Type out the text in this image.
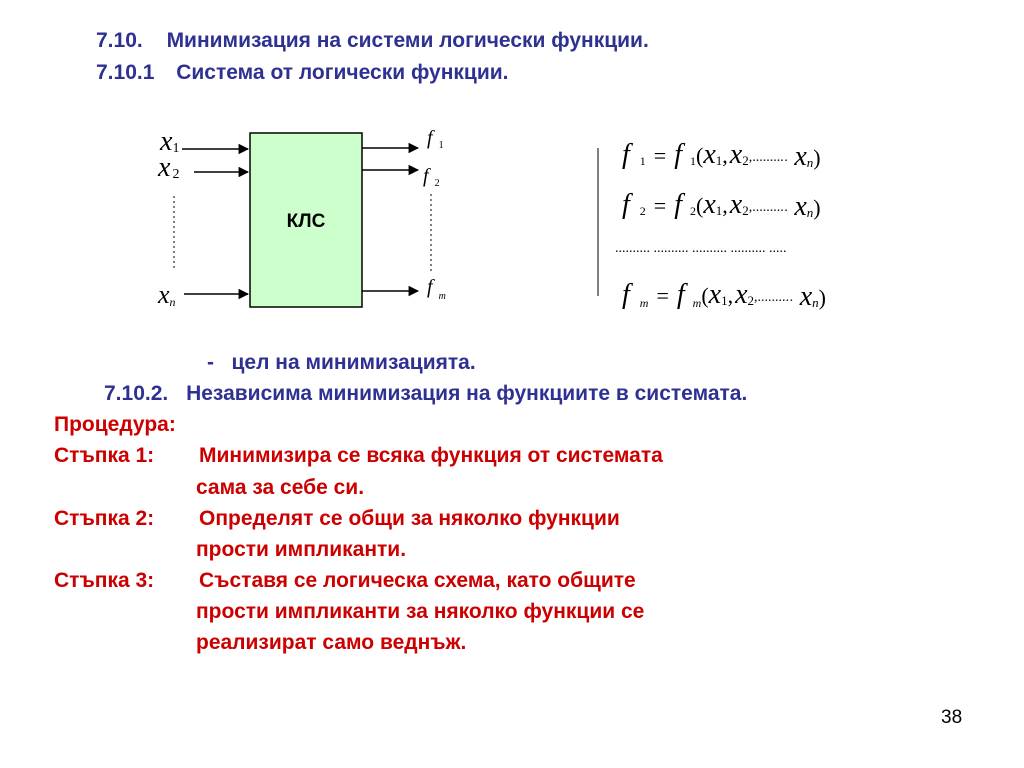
7.10. Минимизация на системи логически функции.
7.10.1 Система от логически функции.
КЛС
x1
x 2
xn
f $_1$
f $_2$
f $_m$
f 1 = f 1(x1,x2,.........· xn)
f 2 = f 2(x1,x2,.........· xn)
.......... .......... .......... .......... .....
fm = f m(x1,x2,.........· xn)
-   цел на минимизацията.
7.10.2. Независима минимизация на функциите в системата.
Процедура:
Стъпка 1: Минимизира се всяка функция от системата
сама за себе си.
Стъпка 2: Определят се общи за няколко функции
прости импликанти.
Стъпка 3: Съставя се логическа схема, като общите
прости импликанти за няколко функции се
реализират само веднъж.
38
